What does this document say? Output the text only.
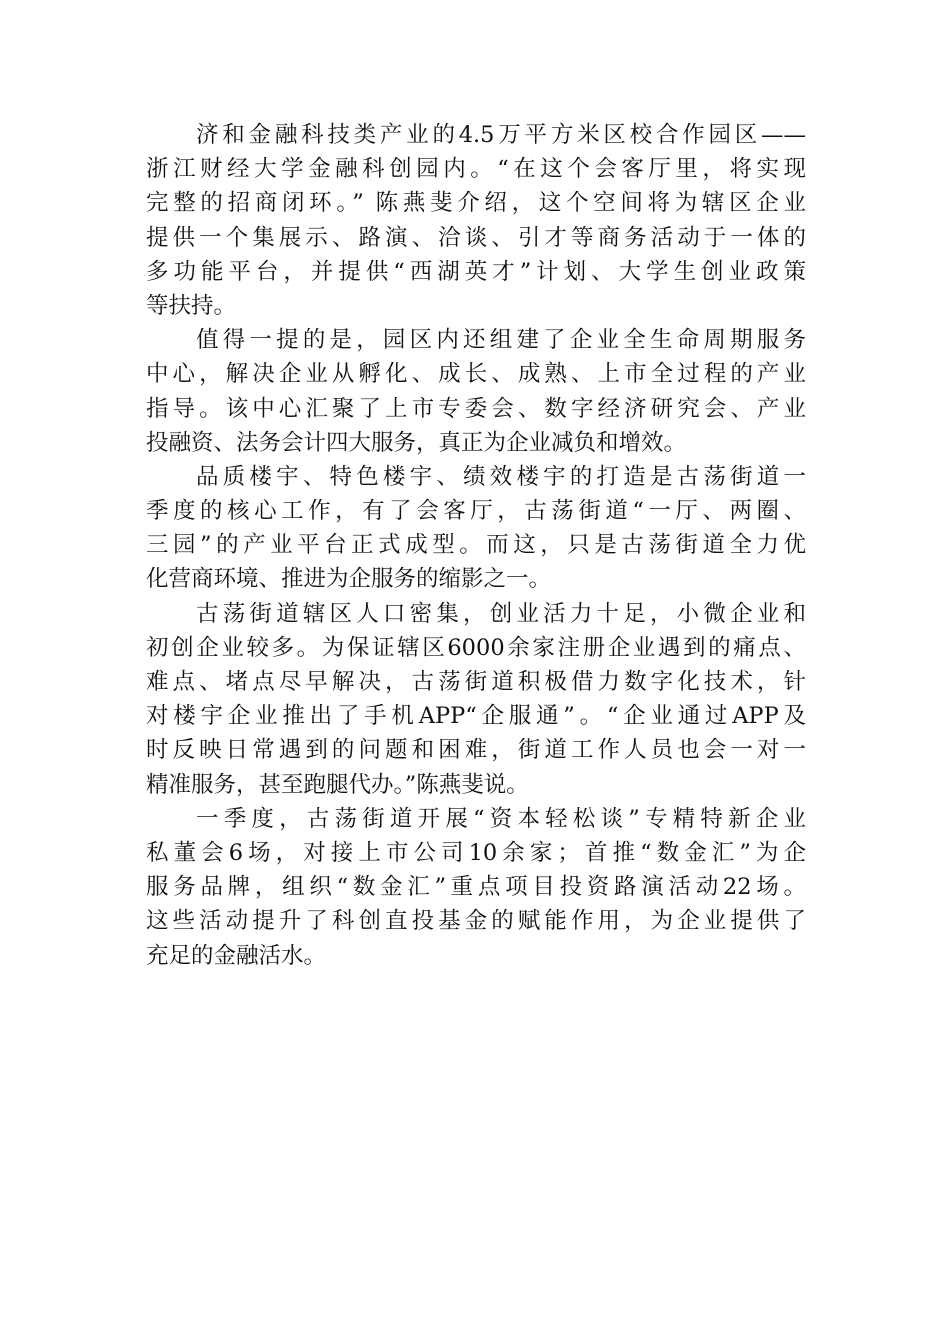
济和金融科技类产业的4.5万平方米区校合作园区——
浙江财经大学金融科创园内。“在这个会客厅里，将实现
完整的招商闭环。” 陈燕斐介绍，这个空间将为辖区企业
提供一个集展示、路演、洽谈、引才等商务活动于一体的
多功能平台，并提供“西湖英才”计划、大学生创业政策
等扶持。

值得一提的是，园区内还组建了企业全生命周期服务
中心，解决企业从孵化、成长、成熟、上市全过程的产业
指导。该中心汇聚了上市专委会、数字经济研究会、产业
投融资、法务会计四大服务，真正为企业减负和增效。

品质楼宇、特色楼宇、绩效楼宇的打造是古荡街道一
季度的核心工作，有了会客厅，古荡街道“一厅、两圈、
三园”的产业平台正式成型。而这，只是古荡街道全力优
化营商环境、推进为企服务的缩影之一。

古荡街道辖区人口密集，创业活力十足，小微企业和
初创企业较多。为保证辖区6000余家注册企业遇到的痛点、
难点、堵点尽早解决，古荡街道积极借力数字化技术，针
对楼宇企业推出了手机APP“企服通”。“企业通过APP及
时反映日常遇到的问题和困难，街道工作人员也会一对一
精准服务，甚至跑腿代办。”陈燕斐说。

一季度，古荡街道开展“资本轻松谈”专精特新企业
私董会6场，对接上市公司10余家；首推“数金汇”为企
服务品牌，组织“数金汇”重点项目投资路演活动22场。
这些活动提升了科创直投基金的赋能作用，为企业提供了
充足的金融活水。
